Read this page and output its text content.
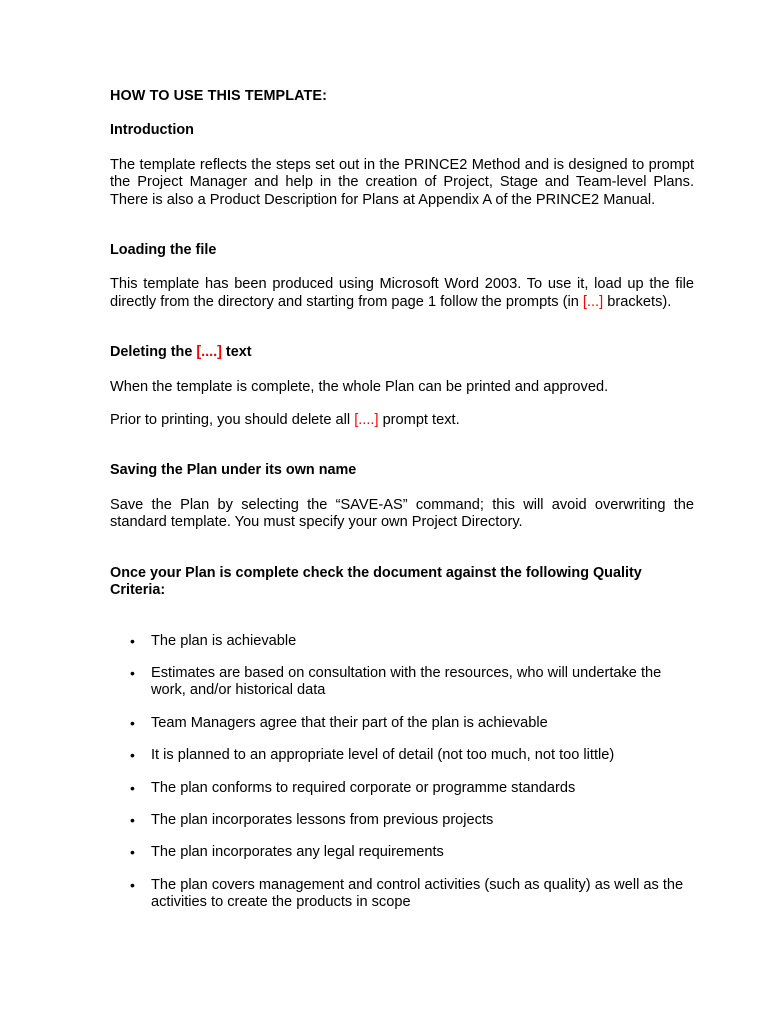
HOW TO USE THIS TEMPLATE:

Introduction

The template reflects the steps set out in the PRINCE2 Method and is designed to prompt the Project Manager and help in the creation of Project, Stage and Team-level Plans. There is also a Product Description for Plans at Appendix A of the PRINCE2 Manual.

Loading the file

This template has been produced using Microsoft Word 2003. To use it, load up the file directly from the directory and starting from page 1 follow the prompts (in [...] brackets).

Deleting the [....] text

When the template is complete, the whole Plan can be printed and approved.

Prior to printing, you should delete all [....] prompt text.

Saving the Plan under its own name

Save the Plan by selecting the “SAVE-AS” command; this will avoid overwriting the standard template. You must specify your own Project Directory.

Once your Plan is complete check the document against the following Quality Criteria:

• The plan is achievable
• Estimates are based on consultation with the resources, who will undertake the work, and/or historical data
• Team Managers agree that their part of the plan is achievable
• It is planned to an appropriate level of detail (not too much, not too little)
• The plan conforms to required corporate or programme standards
• The plan incorporates lessons from previous projects
• The plan incorporates any legal requirements
• The plan covers management and control activities (such as quality) as well as the activities to create the products in scope
